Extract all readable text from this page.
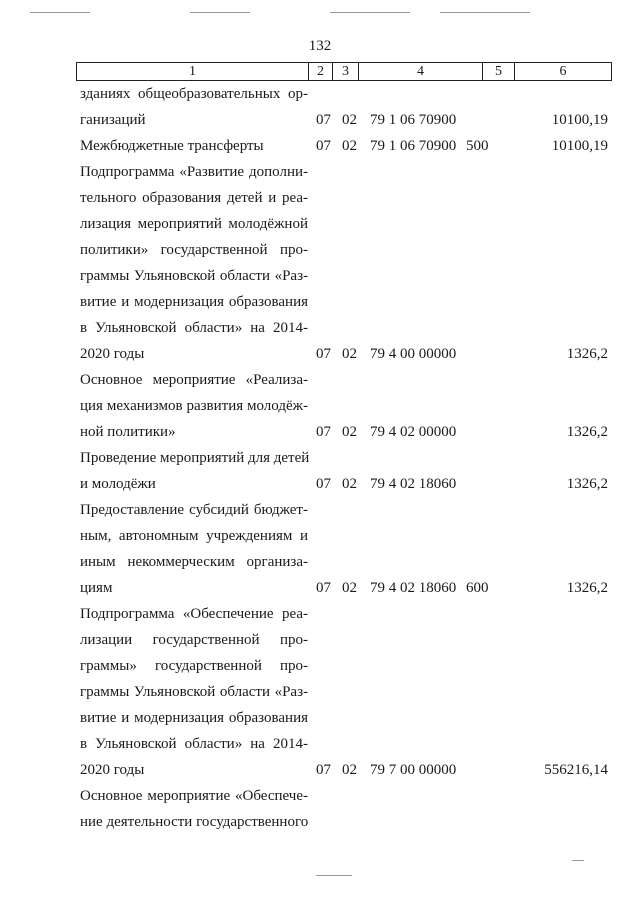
132
1	2	3	4	5	6
зданиях общеобразовательных ор-
ганизаций	07 02 79 1 06 70900	10100,19
Межбюджетные трансферты	07 02 79 1 06 70900 500	10100,19
Подпрограмма «Развитие дополни-
тельного образования детей и реа-
лизация мероприятий молодёжной
политики» государственной про-
граммы Ульяновской области «Раз-
витие и модернизация образования
в Ульяновской области» на 2014-
2020 годы	07 02 79 4 00 00000	1326,2
Основное мероприятие «Реализа-
ция механизмов развития молодёж-
ной политики»	07 02 79 4 02 00000	1326,2
Проведение мероприятий для детей
и молодёжи	07 02 79 4 02 18060	1326,2
Предоставление субсидий бюджет-
ным, автономным учреждениям и
иным некоммерческим организа-
циям	07 02 79 4 02 18060 600	1326,2
Подпрограмма «Обеспечение реа-
лизации государственной про-
граммы» государственной про-
граммы Ульяновской области «Раз-
витие и модернизация образования
в Ульяновской области» на 2014-
2020 годы	07 02 79 7 00 00000	556216,14
Основное мероприятие «Обеспече-
ние деятельности государственного
